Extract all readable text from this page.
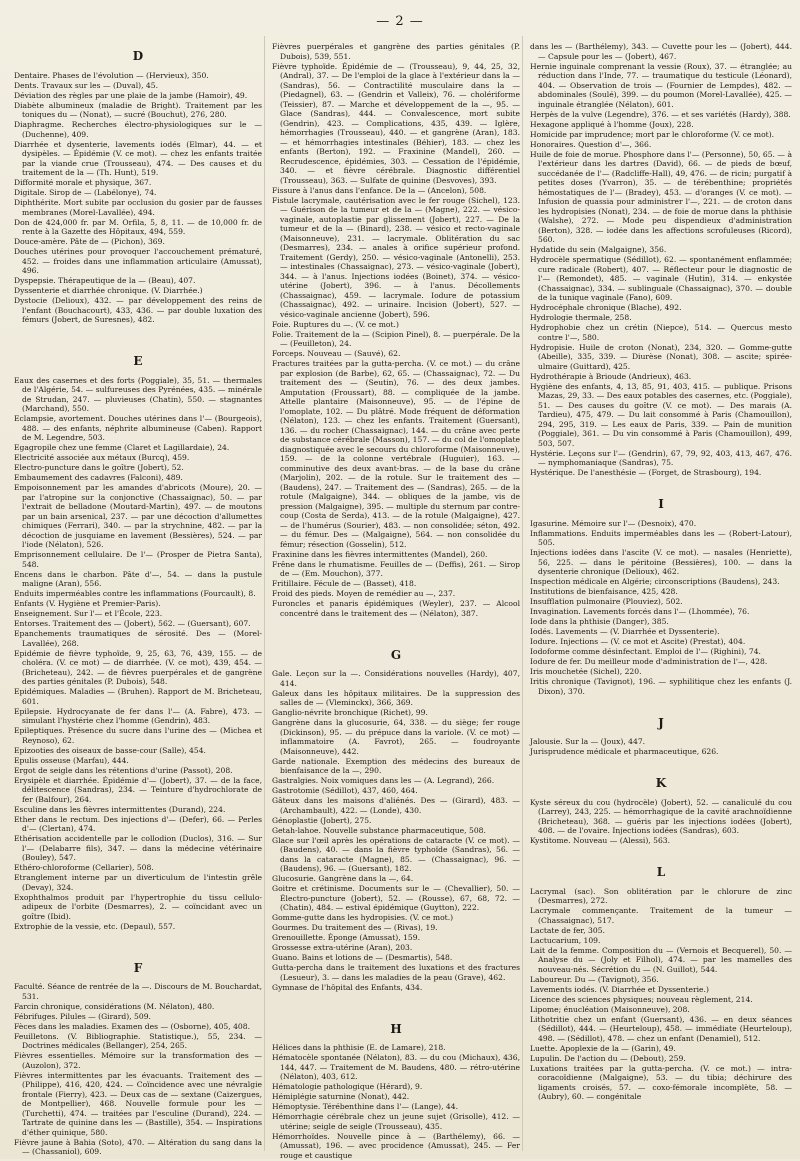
— 2 —
D
Dentaire. Phases de l'évolution — (Hervieux), 350.
Dents. Travaux sur les — (Duval), 45.
Déviation des règles par une plaie de la jambe (Hamoir), 49.
Diabète albumineux (maladie de Bright). Traitement par les toniques du — (Nonat), — sucré (Bouchut), 276, 280.
Diaphragme. Recherches électro-physiologiques sur le — (Duchenne), 409.
Diarrhée et dysenterie, lavements iodés (Elmar), 44. — et dysipèles. — Épidémie (V. ce mot). — chez les enfants traitée par la viande crue (Trousseau), 474. — Des causes et du traitement de la — (Th. Hunt), 519.
Difformité morale et physique, 367.
Digitale. Sirop de — (Labélonye), 74.
Diphthérite. Mort subite par occlusion du gosier par de fausses membranes (Morel-Lavallée), 494.
Don de 424,000 fr. par M. Orfila, 5, 8, 11. — de 10,000 fr. de rente à la Gazette des Hôpitaux, 494, 559.
Douce-amère. Pâte de — (Pichon), 369.
Douches utérines pour provoquer l'accouchement prématuré, 452. — froides dans une inflammation articulaire (Amussat), 496.
Dyspepsie. Thérapeutique de la — (Beau), 407.
Dyssenterie et diarrhée chronique. (V. Diarrhée.)
Dystocie (Delioux), 432. — par développement des reins de l'enfant (Bouchacourt), 433, 436. — par double luxation des fémurs (Jobert, de Suresnes), 482.
E
Eaux des casernes et des forts (Poggiale), 35, 51. — thermales de l'Algérie, 54. — sulfureuses des Pyrénées, 435. — minérale de Strudan, 247. — pluvieuses (Chatin), 550. — stagnantes (Marchand), 550.
Eclampsie, avortement. Douches utérines dans l'— (Bourgeois), 488. — des enfants, néphrite albumineuse (Caben). Rapport de M. Legendre, 503.
Egagropile chez une femme (Claret et Lagillardaie), 24.
Electricité associée aux métaux (Burcq), 459.
Electro-puncture dans le goître (Jobert), 52.
Embaumement des cadavres (Falconi), 489.
Empoisonnement par les amandes d'abricots (Moure), 20. — par l'atropine sur la conjonctive (Chassaignac), 50. — par l'extrait de belladone (Moutard-Martin), 497. — de moutons par un bain arsenical, 237. — par une décoction d'allumettes chimiques (Ferrari), 340. — par la strychnine, 482. — par la décoction de jusquiame en lavement (Bessières), 524. — par l'iode (Nélaton), 526.
Emprisonnement cellulaire. De l'— (Prosper de Pietra Santa), 548.
Encens dans le charbon. Pâte d'—, 54. — dans la pustule maligne (Aran), 556.
Enduits imperméables contre les inflammations (Fourcault), 8.
Enfants (V. Hygiène et Premier-Paris).
Enseignement. Sur l'— et l'École, 223.
Entorses. Traitement des — (Jobert), 562. — (Guersant), 607.
Epanchements traumatiques de sérosité. Des — (Morel-Lavallée), 268.
Epidémie de fièvre typhoïde, 9, 25, 63, 76, 439, 155. — de choléra. (V. ce mot) — de diarrhée. (V. ce mot), 439, 454. — (Bricheteau), 242. — de fièvres puerpérales et de gangrène des parties génitales (P. Dubois), 548.
Epidémiques. Maladies — (Bruhen). Rapport de M. Bricheteau, 601.
Epilepsie. Hydrocyanate de fer dans l'— (A. Fabre), 473. — simulant l'hystérie chez l'homme (Gendrin), 483.
Epileptiques. Présence du sucre dans l'urine des — (Michea et Reynoso), 62.
Epizooties des oiseaux de basse-cour (Salle), 454.
Epulis osseuse (Marfau), 444.
Ergot de seigle dans les rétentions d'urine (Passot), 208.
Erysipèle et diarrhée. Épidémie d'— (Jobert), 37. — de la face, délitescence (Sandras), 234. — Teinture d'hydrochlorate de fer (Balfour), 264.
Esculine dans les fièvres intermittentes (Durand), 224.
Ether dans le rectum. Des injections d'— (Defer), 66. — Perles d'— (Clertan), 474.
Ethérisation accidentelle par le collodion (Duclos), 316. — Sur l'— (Delabarre fils), 347. — dans la médecine vétérinaire (Bouley), 547.
Ethéro-chloroforme (Cellarier), 508.
Etranglement interne par un diverticulum de l'intestin grêle (Devay), 324.
Exophthalmos produit par l'hypertrophie du tissu cellulo-adipeux de l'orbite (Desmarres), 2. — coïncidant avec un goître (Ibid).
Extrophie de la vessie, etc. (Depaul), 557.
F
Faculté. Séance de rentrée de la —. Discours de M. Bouchardat, 531.
Farcin chronique, considérations (M. Nélaton), 480.
Fébrifuges. Pilules — (Girard), 509.
Fèces dans les maladies. Examen des — (Osborne), 405, 408.
Feuilletons. (V. Bibliographie. Statistique.), 55, 234. — Doctrines médicales (Bellanger), 254, 265.
Fièvres essentielles. Mémoire sur la transformation des — (Auzolon), 372.
Fièvres intermittentes par les évacuants. Traitement des — (Philippe), 416, 420, 424. — Coïncidence avec une névralgie frontale (Fierry), 423. — Deux cas de — sextane (Caizergues, de Montpellier), 468. Nouvelle formule pour les — (Turchetti), 474. — traitées par l'esculine (Durand), 224. — Tartrate de quinine dans les — (Bastille), 354. — Inspirations d'éther quinique, 580.
Fièvre jaune à Bahia (Soto), 470. — Altération du sang dans la — (Chassaniol), 609.
Fièvres puerpérales et gangrène des parties génitales (P. Dubois), 539, 551.
Fièvre typhoïde. Épidémie de — (Trousseau), 9, 44, 25, 32, (Andral), 37. — De l'emploi de la glace à l'extérieur dans la — (Sandras), 56. — Contractilité musculaire dans la — (Piedagnel), 63. — (Gendrin et Valleix), 76. — cholériforme (Teissier), 87. — Marche et développement de la —, 95. — Glace (Sandras), 444. — Convalescence, mort subite (Gendrin), 423. — Complications, 435, 439. — Iglère, hémorrhagies (Trousseau), 440. — et gangrène (Aran), 183. — et hémorrhagies intestinales (Béhier), 183. — chez les enfants (Berton), 192. — Fraxinine (Mandel), 260. — Recrudescence, épidémies, 303. — Cessation de l'épidémie, 340. — et fièvre cérébrale. Diagnostic différentiel (Trousseau), 363. — Sulfate de quinine (Desvoves), 393.
Fissure à l'anus dans l'enfance. De la — (Ancelon), 508.
Fistule lacrymale, cautérisation avec le fer rouge (Sichel), 123. — Guérison de la tumeur et de la — (Magne), 222. — vésico-vaginale, autoplastie par glissement (Jobert), 227. — De la tumeur et de la — (Binard), 238. — vésico et recto-vaginale (Maisonneuve), 231. — lacrymale. Oblitération du sac (Desmarres), 234. — anales à orifice supérieur profond. Traitement (Gerdy), 250. — vésico-vaginale (Antonelli), 253. — intestinales (Chassaignac), 273. — vésico-vaginale (Jobert), 344. — à l'anus. Injections iodées (Boinet), 374. — vésico-utérine (Jobert), 396. — à l'anus. Décollements (Chassaignac), 459. — lacrymale. Iodure de potassium (Chassaignac), 492. — urinaire. Incision (Jobert), 527. — vésico-vaginale ancienne (Jobert), 596.
Foie. Ruptures du —. (V. ce mot.)
Folie. Traitement de la — (Scipion Pinel), 8. — puerpérale. De la — (Feuilleton), 24.
Forceps. Nouveau — (Sauvé), 62.
Fractures traitées par la gutta-percha. (V. ce mot.) — du crâne par explosion (de Barbe), 62, 65. — (Chassaignac), 72. — Du traitement des — (Seutin), 76. — des deux jambes. Amputation (Froussart), 88. — compliquée de la jambe. Attelle plantaire (Maisonneuve), 95. — de l'épine de l'omoplate, 102. — Du plâtré. Mode fréquent de déformation (Nélaton), 123. — chez les enfants. Traitement (Guersant), 136. — du rocher (Chassaignac), 144. — du crâne avec perte de substance cérébrale (Masson), 157. — du col de l'omoplate diagnostiquée avec le secours du chloroforme (Maisonneuve), 159. — de la colonne vertébrale (Huguier), 163. — comminutive des deux avant-bras. — de la base du crâne (Marjolin), 202. — de la rotule. Sur le traitement des — (Baudens), 247. — Traitement des — (Sandras), 265. — de la rotule (Malgaigne), 344. — obliques de la jambe, vis de pression (Malgaigne), 395. — multiple du sternum par contre-coup (Costa de Serda), 413. — de la rotule (Malgaigne), 427. — de l'humérus (Sourier), 483. — non consolidée; séton, 492. — du fémur. Des — (Malgaigne), 564. — non consolidée du fémur; résection (Gosselin), 512.
Fraxinine dans les fièvres intermittentes (Mandel), 260.
Frêne dans le rhumatisme. Feuilles de — (Deffis), 261. — Sirop de — (Em. Mouchon), 377.
Fritillaire. Fécule de — (Basset), 418.
Froid des pieds. Moyen de remédier au —, 237.
Furoncles et panaris épidémiques (Weyler), 237. — Alcool concentré dans le traitement des — (Nélaton), 387.
G
Gale. Leçon sur la —. Considérations nouvelles (Hardy), 407, 414.
Galeux dans les hôpitaux militaires. De la suppression des salles de — (Vleminckx), 366, 369.
Ganglio-névrite bronchique (Richet), 99.
Gangrène dans la glucosurie, 64, 338. — du siège; fer rouge (Dickinson), 95. — du prépuce dans la variole. (V. ce mot) — inflammatoire (A. Favrot), 265. — foudroyante (Maisonneuve), 442.
Garde nationale. Exemption des médecins des bureaux de bienfaisance de la —, 290.
Gastralgies. Noix vomiques dans les — (A. Legrand), 266.
Gastrotomie (Sédillot), 437, 460, 464.
Gâteux dans les maisons d'aliénés. Des — (Girard), 483. — (Archambault), 422. — (Londe), 430.
Génoplastie (Jobert), 275.
Getah-lahoe. Nouvelle substance pharmaceutique, 508.
Glace sur l'œil après les opérations de cataracte (V. ce mot). — (Baudens), 40. — dans la fièvre typhoïde (Sandras), 56. — dans la cataracte (Magne), 85. — (Chassaignac), 96. — (Baudens), 96. — (Guersant), 182.
Glucosurie. Gangrène dans la —, 64.
Goitre et crétinisme. Documents sur le — (Chevallier), 50. — Électro-puncture (Jobert), 52. — (Rousse), 67, 68, 72. — (Chatin), 484. — estival épidémique (Guytton), 222.
Gomme-gutte dans les hydropisies. (V. ce mot.)
Gourmes. Du traitement des — (Rivas), 19.
Grenouillette. Éponge (Amussat), 159.
Grossesse extra-utérine (Aran), 203.
Guano. Bains et lotions de — (Desmartis), 548.
Gutta-percha dans le traitement des luxations et des fractures (Lesueur), 3. — dans les maladies de la peau (Grave), 462.
Gymnase de l'hôpital des Enfants, 434.
H
Hélices dans la phthisie (E. de Lamare), 218.
Hématocèle spontanée (Nélaton), 83. — du cou (Michaux), 436, 144, 447. — Traitement de M. Baudens, 480. — rétro-utérine (Nélaton), 403, 612.
Hématologie pathologique (Hérard), 9.
Hémiplégie saturnine (Nonat), 442.
Hémoptysie. Térébenthine dans l'— (Lange), 44.
Hémorrhagie cérébrale chez un jeune sujet (Grisolle), 412. — utérine; seigle de seigle (Trousseau), 435.
Hémorrhoïdes. Nouvelle pince à — (Barthélemy), 66. — (Amussat), 196. — avec procidence (Amussat), 245. — Fer rouge et caustique
dans les — (Barthélemy), 343. — Cuvette pour les — (Jobert), 444. — Capsule pour les — (Jobert), 467.
Hernie inguinale comprenant la vessie (Roux), 37. — étranglée; au réduction dans l'Inde, 77. — traumatique du testicule (Léonard), 404. — Observation de trois — (Fournier de Lempdes), 482. — abdominales (Soulé), 399. — du poumon (Morel-Lavallée), 425. — inguinale étranglée (Nélaton), 601.
Herpès de la vulve (Legendre), 376. — et ses variétés (Hardy), 388.
Hexagone appliqué à l'homme (Joux), 228.
Homicide par imprudence; mort par le chloroforme (V. ce mot).
Honoraires. Question d'—, 366.
Huile de foie de morue. Phosphore dans l'— (Personne), 50, 65. — à l'extérieur dans les dartres (David), 66. — de pieds de bœuf, succédanée de l'— (Radcliffe-Hall), 49, 476. — de ricin; purgatif à petites doses (Yvarron), 35. — de térébenthine; propriétés hémostatiques de l'— (Bradey), 453. — d'oranges (V. ce mot). — Infusion de quassia pour administrer l'—, 221. — de croton dans les hydropisies (Nonat), 234. — de foie de morue dans la phthisie (Walshe), 272. — Mode peu dispendieux d'administration (Berton), 328. — iodée dans les affections scrofuleuses (Ricord), 560.
Hydatide du sein (Malgaigne), 356.
Hydrocèle spermatique (Sédillot), 62. — spontanément enflammée; cure radicale (Robert), 407. — Réflecteur pour le diagnostic de l'— (Remondet), 485. — vaginale (Hutin), 314. — enkystée (Chassaignac), 334. — sublinguale (Chassaignac), 370. — double de la tunique vaginale (Fano), 609.
Hydrocéphale chronique (Blache), 492.
Hydrologie thermale, 258.
Hydrophobie chez un crétin (Niepce), 514. — Quercus mesto contre l'—, 580.
Hydropisie. Huile de croton (Nonat), 234, 320. — Gomme-gutte (Abeille), 335, 339. — Diurèse (Nonat), 308. — ascite; spirée-ulmaire (Guittard), 425.
Hydrothérapie à Brioude (Andrieux), 463.
Hygiène des enfants, 4, 13, 85, 91, 403, 415. — publique. Prisons Mazas, 29, 33. — Des eaux potables des casernes, etc. (Poggiale), 51. — Des causes du goître (V. ce mot). — Des marais (A. Tardieu), 475, 479. — Du lait consommé à Paris (Chamouillon), 294, 295, 319. — Les eaux de Paris, 339. — Pain de munition (Poggiale), 361. — Du vin consommé à Paris (Chamouillon), 499, 503, 507.
Hystérie. Leçons sur l'— (Gendrin), 67, 79, 92, 403, 413, 467, 476. — nymphomaniaque (Sandras), 75.
Hystérique. De l'anesthésie — (Forget, de Strasbourg), 194.
I
Igasurine. Mémoire sur l'— (Desnoix), 470.
Inflammations. Enduits imperméables dans les — (Robert-Latour), 505.
Injections iodées dans l'ascite (V. ce mot). — nasales (Henriette), 56, 225. — dans le péritoine (Bessières), 100. — dans la dysenterie chronique (Delioux), 462.
Inspection médicale en Algérie; circonscriptions (Baudens), 243.
Institutions de bienfaisance, 425, 428.
Insufflation pulmonaire (Plouviez), 502.
Invagination. Lavements forcés dans l'— (Lhommée), 76.
Iode dans la phthisie (Danger), 385.
Iodés. Lavements — (V. Diarrhée et Dyssenterie).
Iodure. Injections — (V. ce mot et Ascite) (Prestat), 404.
Iodoforme comme désinfectant. Emploi de l'— (Righini), 74.
Iodure de fer. Du meilleur mode d'administration de l'—, 428.
Iris mouchetée (Sichel), 220.
Iritis chronique (Tavignot), 196. — syphilitique chez les enfants (J. Dixon), 370.
J
Jalousie. Sur la — (Joux), 447.
Jurisprudence médicale et pharmaceutique, 626.
K
Kyste séreux du cou (hydrocèle) (Jobert), 52. — canaliculé du cou (Larrey), 243, 225. — hémorrhagique de la cavité arachnoïdienne (Bricheteau), 368. — guéris par les injections iodées (Jobert), 408. — de l'ovaire. Injections iodées (Sandras), 603.
Kystitome. Nouveau — (Alessi), 563.
L
Lacrymal (sac). Son oblitération par le chlorure de zinc (Desmarres), 272.
Lacrymale commençante. Traitement de la tumeur — (Chassaignac), 517.
Lactate de fer, 305.
Lactucarium, 109.
Lait de la femme. Composition du — (Vernois et Becquerel), 50. — Analyse du — (Joly et Filhol), 474. — par les mamelles des nouveau-nés. Sécrétion du — (N. Guillot), 544.
Laboureur. Du — (Tavignot), 356.
Lavements iodés. (V. Diarrhée et Dyssenterie.)
Licence des sciences physiques; nouveau règlement, 214.
Lipome; énucléation (Maisonneuve), 208.
Lithotritie chez un enfant (Guersant), 436. — en deux séances (Sédillot), 444. — (Heurteloup), 458. — immédiate (Heurteloup), 498. — (Sédillot), 478. — chez un enfant (Denamiel), 512.
Luette. Apoplexie de la — (Garin), 49.
Lupulin. De l'action du — (Debout), 259.
Luxations traitées par la gutta-percha. (V. ce mot.) — intra-coracoïdienne (Malgaigne), 53. — du tibia; déchirure des ligaments croisés, 57. — coxo-fémorale incomplète, 58. — (Aubry), 60. — congénitale
